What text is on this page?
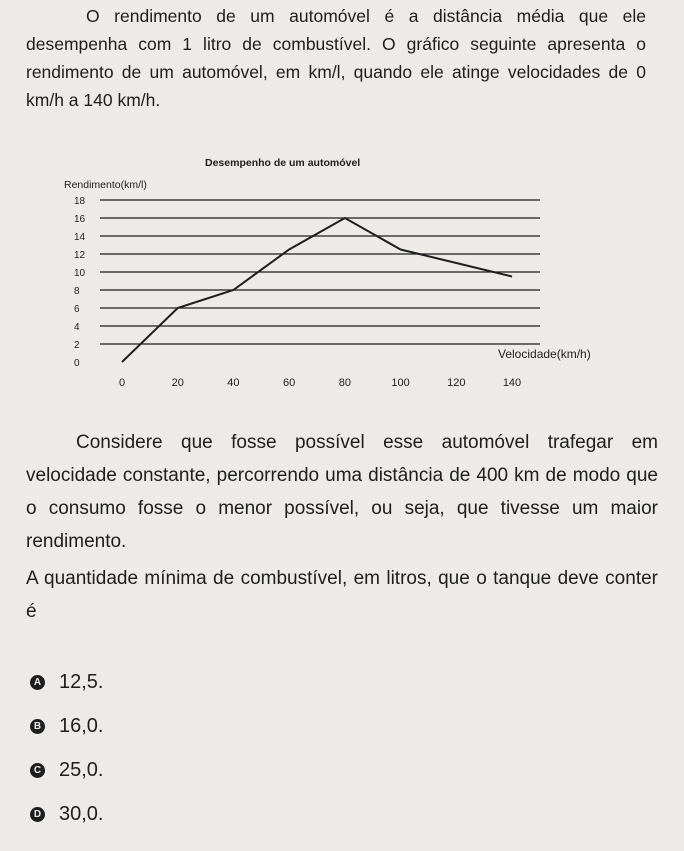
O rendimento de um automóvel é a distância média que ele desempenha com 1 litro de combustível. O gráfico seguinte apresenta o rendimento de um automóvel, em km/l, quando ele atinge velocidades de 0 km/h a 140 km/h.

0
2
4
6
8
10
12
14
16
18
0	20	40	60	80	100	120	140
Desempenho de um automóvel
Rendimento(km/l)
Velocidade(km/h)

Considere que fosse possível esse automóvel trafegar em velocidade constante, percorrendo uma distância de 400 km de modo que o consumo fosse o menor possível, ou seja, que tivesse um maior rendimento.

A quantidade mínima de combustível, em litros, que o tanque deve conter é

A 12,5.
B 16,0.
C 25,0.
D 30,0.
